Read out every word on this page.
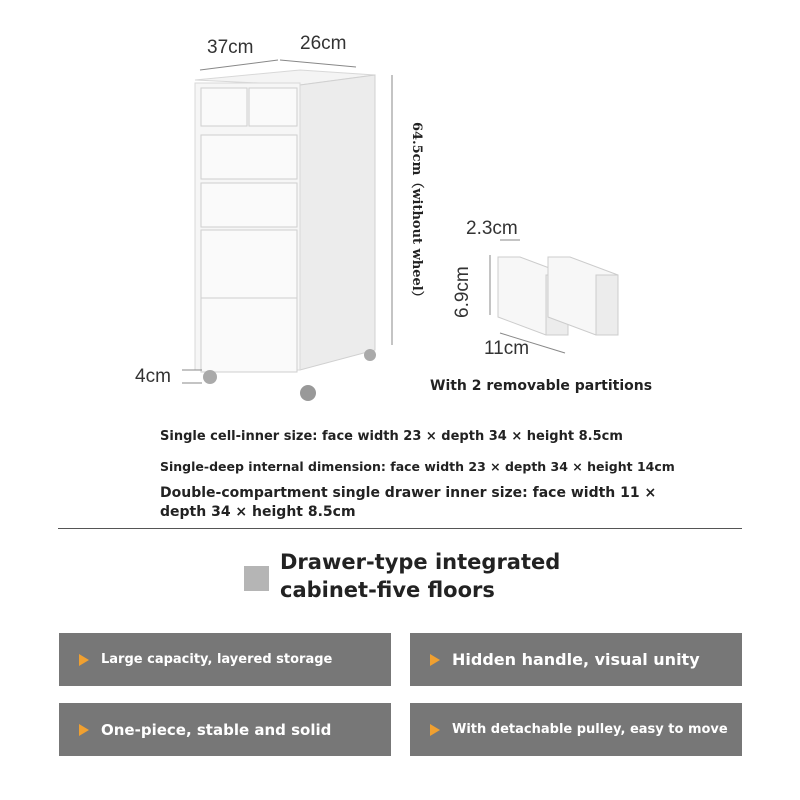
37cm 26cm
64.5cm（without wheel）
4cm
2.3cm
6.9cm
11cm
With 2 removable partitions
Single cell-inner size: face width 23 × depth 34 × height 8.5cm
Single-deep internal dimension: face width 23 × depth 34 × height 14cm
Double-compartment single drawer inner size: face width 11 ×
depth 34 × height 8.5cm
Drawer-type integrated
cabinet-five floors
Large capacity, layered storage	Hidden handle, visual unity
One-piece, stable and solid	With detachable pulley, easy to move
